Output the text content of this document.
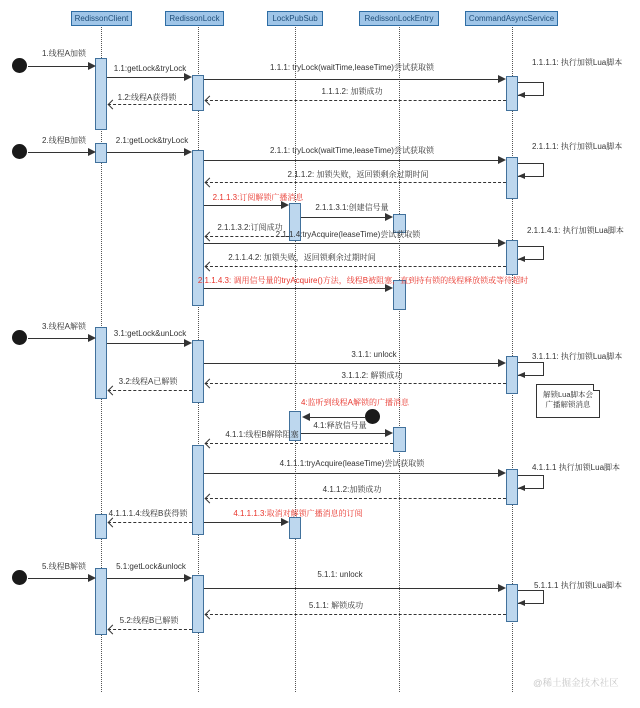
RedissonClient	RedissonLock	LockPubSub	RedissonLockEntry	CommandAsyncService
1.1.1.1: 执行加锁Lua脚本
2.1.1.1: 执行加锁Lua脚本
2.1.1.4.1: 执行加锁Lua脚本
3.1.1.1: 执行加锁Lua脚本
4.1.1.1 执行加锁Lua脚本
5.1.1.1 执行加锁Lua脚本
1.线程A加锁
1.1:getLock&tryLock	1.1.1: tryLock(waitTime,leaseTime)尝试获取锁
1.1.1.2: 加锁成功
1.2:线程A获得锁
2.线程B加锁	2.1:getLock&tryLock
2.1.1: tryLock(waitTime,leaseTime)尝试获取锁
2.1.1.2: 加锁失败，返回锁剩余过期时间
2.1.1.3:订阅解锁广播消息
2.1.1.3.1:创建信号量
2.1.1.3.2:订阅成功
2.1.1.4:tryAcquire(leaseTime)尝试获取锁
2.1.1.4.2: 加锁失败，返回锁剩余过期时间
2.1.1.4.3: 调用信号量的tryAcquire()方法，线程B被阻塞，直到持有锁的线程释放锁或等待超时
3.线程A解锁
3.1:getLock&unLock
3.1.1: unlock
3.1.1.2: 解锁成功
3.2:线程A已解锁
4:监听到线程A解锁的广播消息
4.1:释放信号量
4.1.1:线程B解除阻塞
4.1.1.1:tryAcquire(leaseTime)尝试获取锁
4.1.1.2:加锁成功
4.1.1.1.3:取消对解锁广播消息的订阅
4.1.1.1.4:线程B获得锁
5.线程B解锁	5.1:getLock&unlock
5.1.1: unlock
5.1.1: 解锁成功
5.2:线程B已解锁
解锁Lua脚本会
广播解锁消息
@稀土掘金技术社区
